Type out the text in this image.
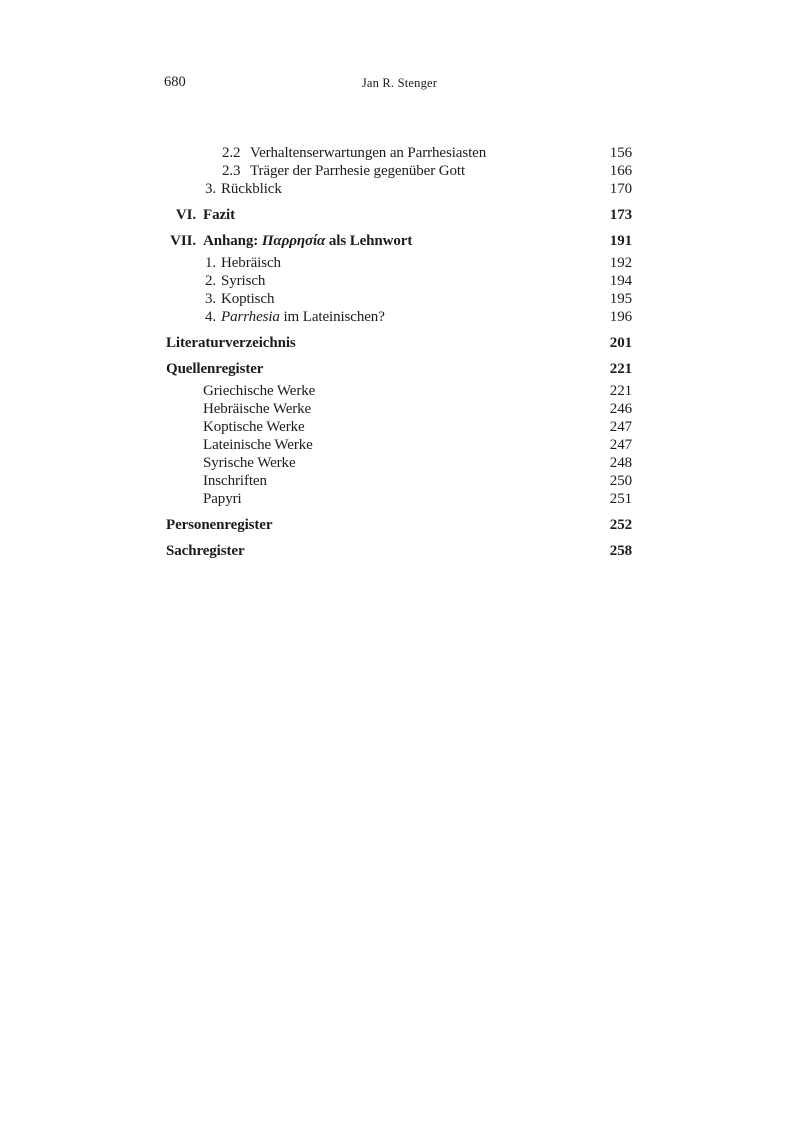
680	Jan R. Stenger
2.2 Verhaltenserwartungen an Parrhesiasten	156
2.3 Träger der Parrhesie gegenüber Gott	166
3. Rückblick	170
VI. Fazit	173
VII. Anhang: Παρρησία als Lehnwort	191
1. Hebräisch	192
2. Syrisch	194
3. Koptisch	195
4. Parrhesia im Lateinischen?	196
Literaturverzeichnis	201
Quellenregister	221
Griechische Werke	221
Hebräische Werke	246
Koptische Werke	247
Lateinische Werke	247
Syrische Werke	248
Inschriften	250
Papyri	251
Personenregister	252
Sachregister	258
